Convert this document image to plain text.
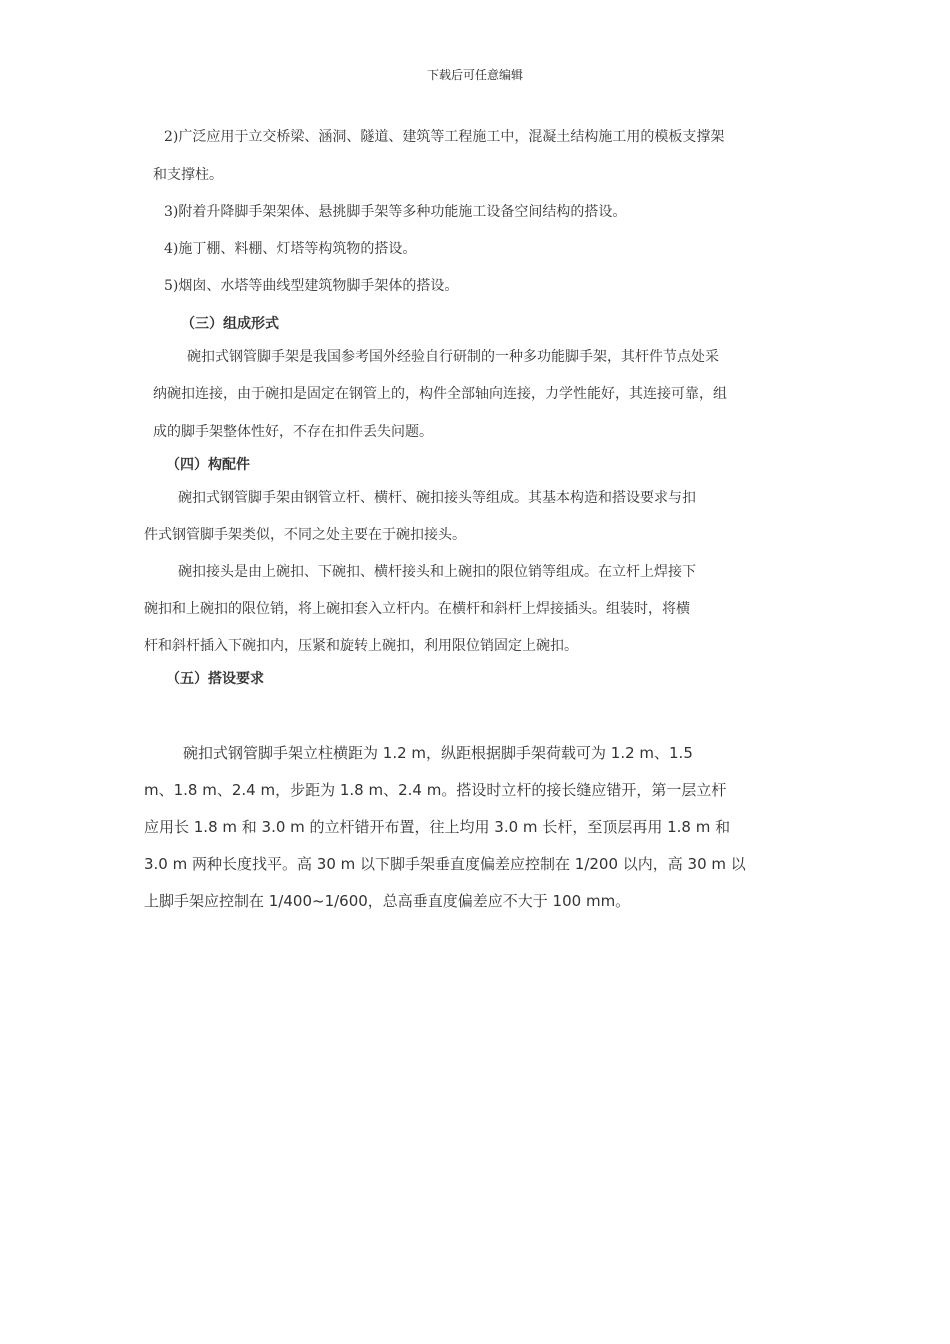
下载后可任意编辑
2)广泛应用于立交桥梁、涵洞、隧道、建筑等工程施工中，混凝土结构施工用的模板支撑架
和支撑柱。
3)附着升降脚手架架体、悬挑脚手架等多种功能施工设备空间结构的搭设。
4)施丁棚、料棚、灯塔等构筑物的搭设。
5)烟囱、水塔等曲线型建筑物脚手架体的搭设。
（三）组成形式
碗扣式钢管脚手架是我国参考国外经验自行研制的一种多功能脚手架，其杆件节点处采
纳碗扣连接，由于碗扣是固定在钢管上的，构件全部轴向连接，力学性能好，其连接可靠，组
成的脚手架整体性好，不存在扣件丢失问题。
（四）构配件
碗扣式钢管脚手架由钢管立杆、横杆、碗扣接头等组成。其基本构造和搭设要求与扣
件式钢管脚手架类似，不同之处主要在于碗扣接头。
碗扣接头是由上碗扣、下碗扣、横杆接头和上碗扣的限位销等组成。在立杆上焊接下
碗扣和上碗扣的限位销，将上碗扣套入立杆内。在横杆和斜杆上焊接插头。组装时，将横
杆和斜杆插入下碗扣内，压紧和旋转上碗扣，利用限位销固定上碗扣。
（五）搭设要求
碗扣式钢管脚手架立柱横距为 1.2 m，纵距根据脚手架荷载可为 1.2 m、1.5
m、1.8 m、2.4 m，步距为 1.8 m、2.4 m。搭设时立杆的接长缝应错开，第一层立杆
应用长 1.8 m 和 3.0 m 的立杆错开布置，往上均用 3.0 m 长杆，至顶层再用 1.8 m 和
3.0 m 两种长度找平。高 30 m 以下脚手架垂直度偏差应控制在 1/200 以内，高 30 m 以
上脚手架应控制在 1/400~1/600，总高垂直度偏差应不大于 100 mm。
